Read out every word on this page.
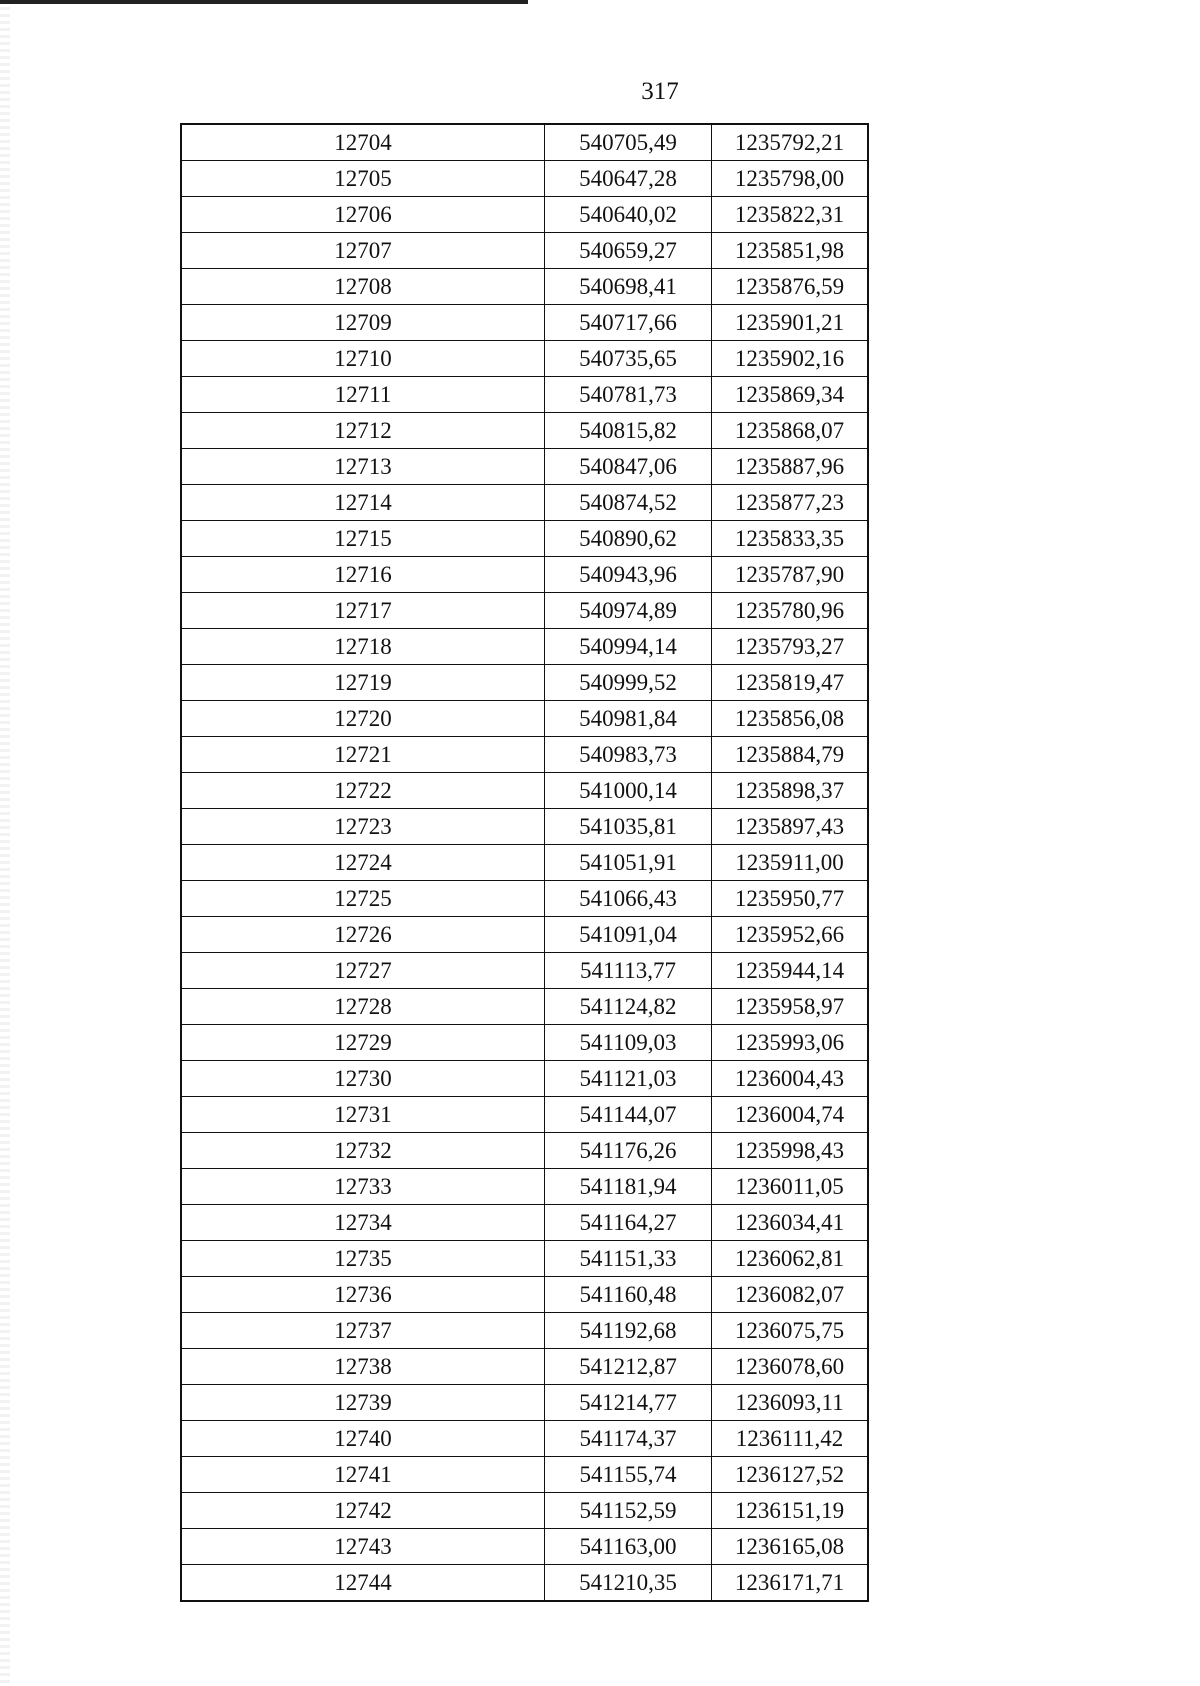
317
12704	540705,49	1235792,21
12705	540647,28	1235798,00
12706	540640,02	1235822,31
12707	540659,27	1235851,98
12708	540698,41	1235876,59
12709	540717,66	1235901,21
12710	540735,65	1235902,16
12711	540781,73	1235869,34
12712	540815,82	1235868,07
12713	540847,06	1235887,96
12714	540874,52	1235877,23
12715	540890,62	1235833,35
12716	540943,96	1235787,90
12717	540974,89	1235780,96
12718	540994,14	1235793,27
12719	540999,52	1235819,47
12720	540981,84	1235856,08
12721	540983,73	1235884,79
12722	541000,14	1235898,37
12723	541035,81	1235897,43
12724	541051,91	1235911,00
12725	541066,43	1235950,77
12726	541091,04	1235952,66
12727	541113,77	1235944,14
12728	541124,82	1235958,97
12729	541109,03	1235993,06
12730	541121,03	1236004,43
12731	541144,07	1236004,74
12732	541176,26	1235998,43
12733	541181,94	1236011,05
12734	541164,27	1236034,41
12735	541151,33	1236062,81
12736	541160,48	1236082,07
12737	541192,68	1236075,75
12738	541212,87	1236078,60
12739	541214,77	1236093,11
12740	541174,37	1236111,42
12741	541155,74	1236127,52
12742	541152,59	1236151,19
12743	541163,00	1236165,08
12744	541210,35	1236171,71
